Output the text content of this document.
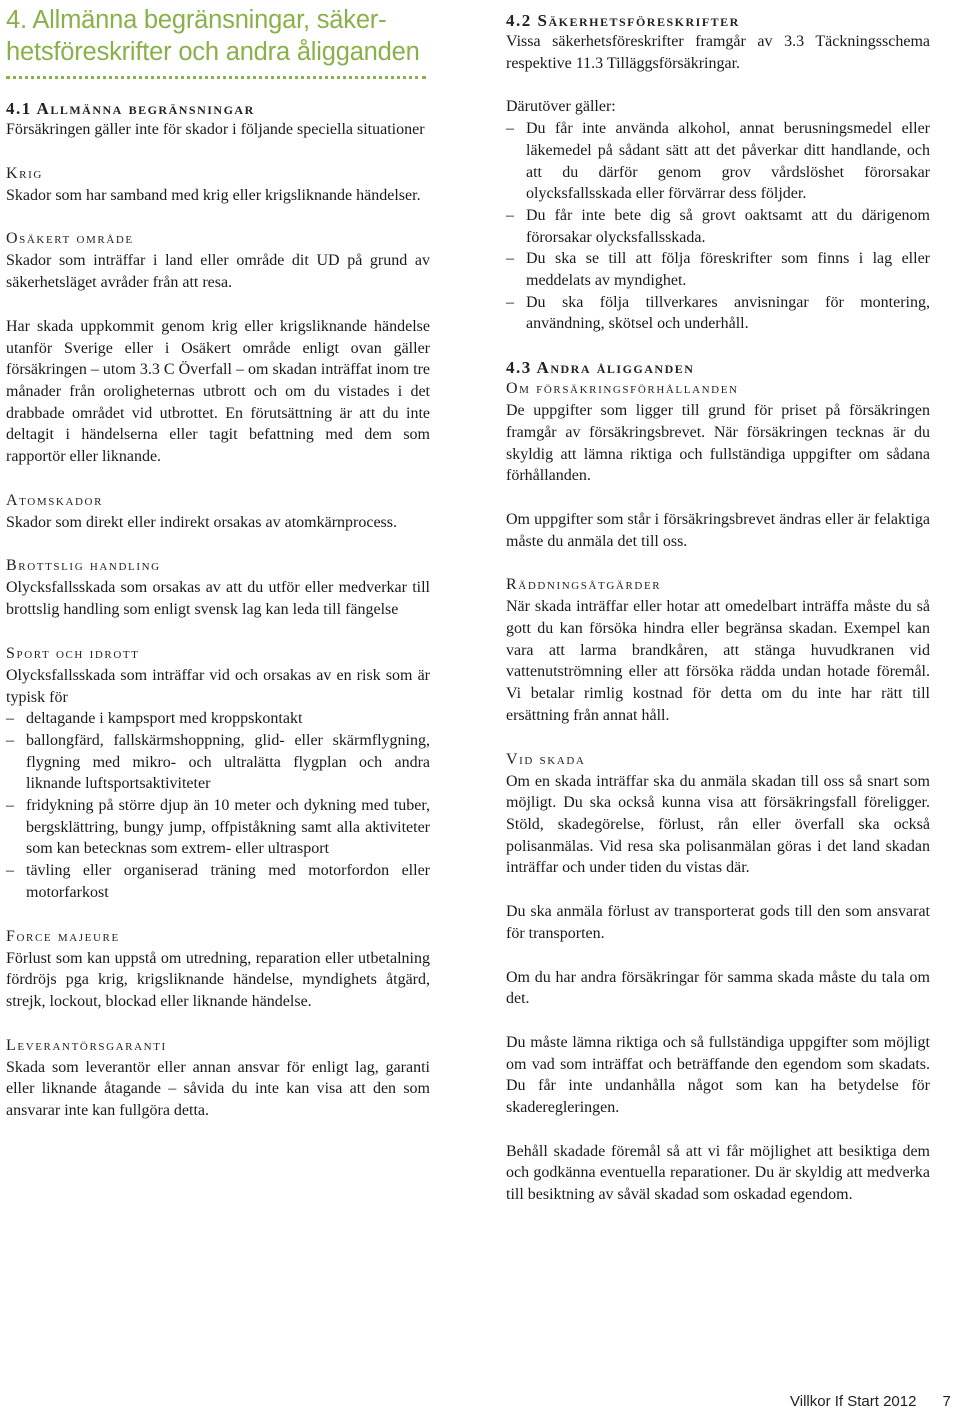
4. Allmänna begränsningar, säker-
hetsföreskrifter och andra åligganden
4.1 Allmänna begränsningar

Försäkringen gäller inte för skador i följande speciella situationer

Krig

Skador som har samband med krig eller krigsliknande händelser.

Osäkert område

Skador som inträffar i land eller område dit UD på grund av säkerhetsläget avråder från att resa.

Har skada uppkommit genom krig eller krigsliknande händelse utanför Sverige eller i Osäkert område enligt ovan gäller försäkringen – utom 3.3 C Överfall – om skadan inträffat inom tre månader från oroligheternas utbrott och om du vistades i det drabbade området vid utbrottet. En förutsättning är att du inte deltagit i händelserna eller tagit befattning med dem som rapportör eller liknande.

Atomskador

Skador som direkt eller indirekt orsakas av atomkärnprocess.

Brottslig handling

Olycksfallsskada som orsakas av att du utför eller medverkar till brottslig handling som enligt svensk lag kan leda till fängelse

Sport och idrott

Olycksfallsskada som inträffar vid och orsakas av en risk som är typisk för

– deltagande i kampsport med kroppskontakt
– ballongfärd, fallskärmshoppning, glid- eller skärmflygning, flygning med mikro- och ultralätta flygplan och andra liknande luftsportsaktiviteter
– fridykning på större djup än 10 meter och dykning med tuber, bergsklättring, bungy jump, offpiståkning samt alla aktiviteter som kan betecknas som extrem- eller ultrasport
– tävling eller organiserad träning med motorfordon eller motorfarkost
Force majeure

Förlust som kan uppstå om utredning, reparation eller utbetalning fördröjs pga krig, krigsliknande händelse, myndighets åtgärd, strejk, lockout, blockad eller liknande händelse.

Leverantörsgaranti

Skada som leverantör eller annan ansvar för enligt lag, garanti eller liknande åtagande – såvida du inte kan visa att den som ansvarar inte kan fullgöra detta.

4.2 Säkerhetsföreskrifter

Vissa säkerhetsföreskrifter framgår av 3.3 Täckningsschema respektive 11.3 Tilläggsförsäkringar.

Därutöver gäller:

– Du får inte använda alkohol, annat berusningsmedel eller läkemedel på sådant sätt att det påverkar ditt handlande, och att du därför genom grov vårdslöshet förorsakar olycksfallsskada eller förvärrar dess följder.
– Du får inte bete dig så grovt oaktsamt att du därigenom förorsakar olycksfallsskada.
– Du ska se till att följa föreskrifter som finns i lag eller meddelats av myndighet.
– Du ska följa tillverkares anvisningar för montering, användning, skötsel och underhåll.
4.3 Andra åligganden
Om försäkringsförhållanden

De uppgifter som ligger till grund för priset på försäkringen framgår av försäkringsbrevet. När försäkringen tecknas är du skyldig att lämna riktiga och fullständiga uppgifter om sådana förhållanden.

Om uppgifter som står i försäkringsbrevet ändras eller är felaktiga måste du anmäla det till oss.

Räddningsåtgärder

När skada inträffar eller hotar att omedelbart inträffa måste du så gott du kan försöka hindra eller begränsa skadan. Exempel kan vara att larma brandkåren, att stänga huvudkranen vid vattenutströmning eller att försöka rädda undan hotade föremål. Vi betalar rimlig kostnad för detta om du inte har rätt till ersättning från annat håll.

Vid skada

Om en skada inträffar ska du anmäla skadan till oss så snart som möjligt. Du ska också kunna visa att försäkringsfall föreligger. Stöld, skadegörelse, förlust, rån eller överfall ska också polisanmälas. Vid resa ska polisanmälan göras i det land skadan inträffar och under tiden du vistas där.

Du ska anmäla förlust av transporterat gods till den som ansvarat för transporten.

Om du har andra försäkringar för samma skada måste du tala om det.

Du måste lämna riktiga och så fullständiga uppgifter som möjligt om vad som inträffat och beträffande den egendom som skadats. Du får inte undanhålla något som kan ha betydelse för skaderegleringen.

Behåll skadade föremål så att vi får möjlighet att besiktiga dem och godkänna eventuella reparationer. Du är skyldig att medverka till besiktning av såväl skadad som oskadad egendom.

Villkor If Start 2012 7
